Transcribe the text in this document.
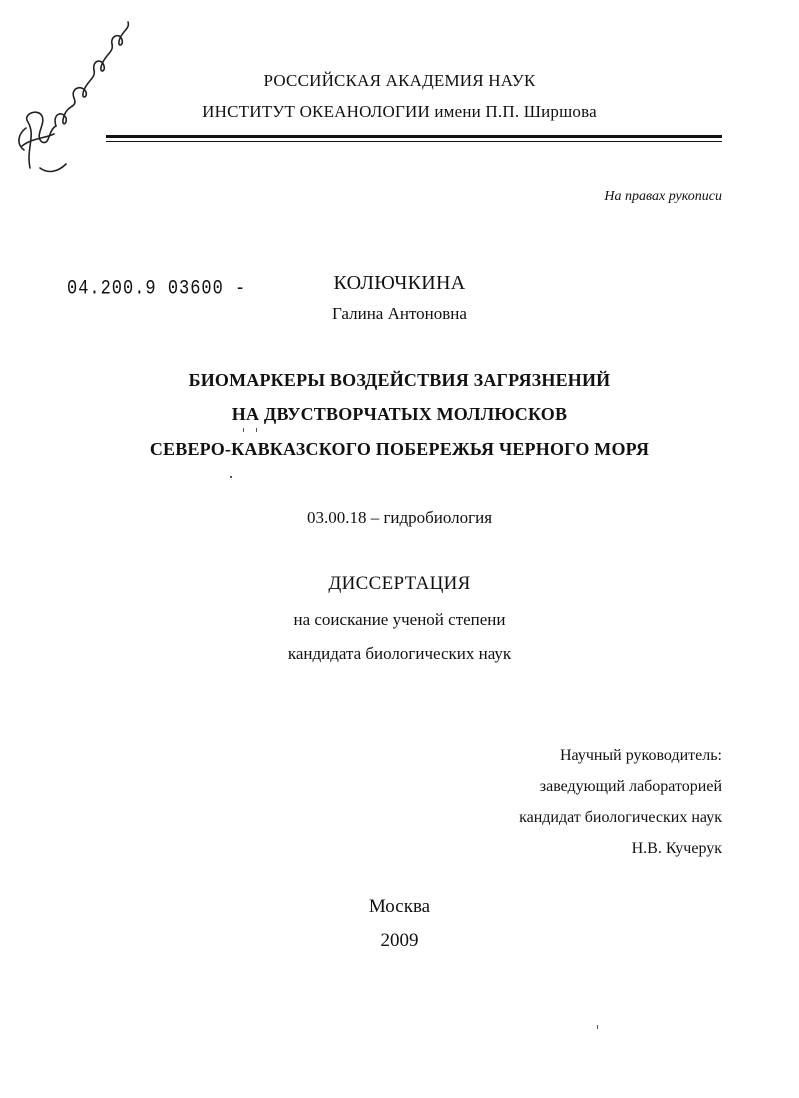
РОССИЙСКАЯ АКАДЕМИЯ НАУК
ИНСТИТУТ ОКЕАНОЛОГИИ имени П.П. Ширшова
На правах рукописи
04.200.9 03600 -	КОЛЮЧКИНА
Галина Антоновна
БИОМАРКЕРЫ ВОЗДЕЙСТВИЯ ЗАГРЯЗНЕНИЙ
НА ДВУСТВОРЧАТЫХ МОЛЛЮСКОВ
СЕВЕРО-КАВКАЗСКОГО ПОБЕРЕЖЬЯ ЧЕРНОГО МОРЯ
03.00.18 – гидробиология
ДИССЕРТАЦИЯ
на соискание ученой степени
кандидата биологических наук
Научный руководитель:
заведующий лабораторией
кандидат биологических наук
Н.В. Кучерук
Москва
2009
